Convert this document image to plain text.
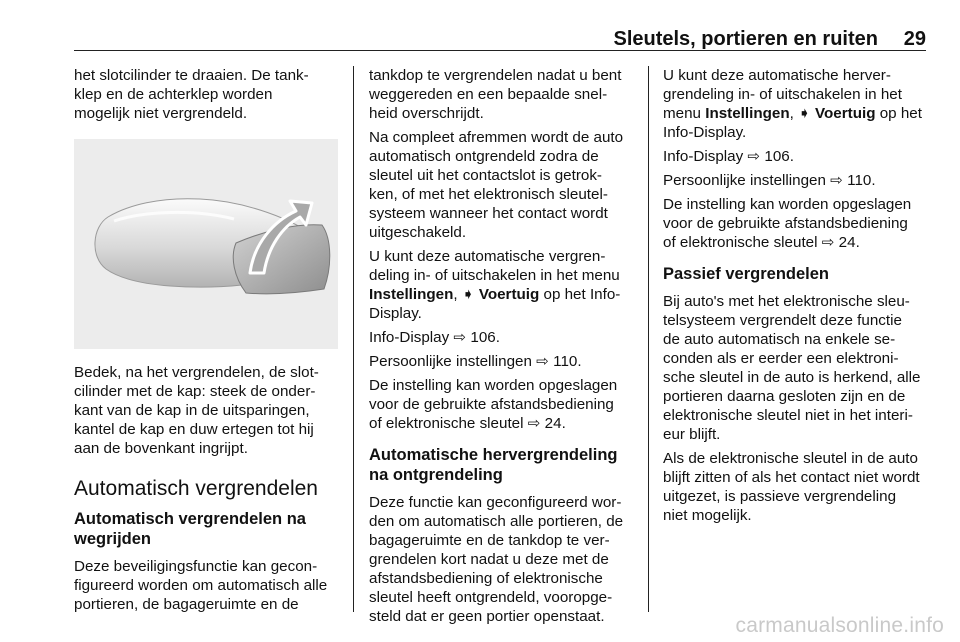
Sleutels, portieren en ruiten 29

het slotcilinder te draaien. De tank-
klep en de achterklep worden
mogelijk niet vergrendeld.

Bedek, na het vergrendelen, de slot-
cilinder met de kap: steek de onder-
kant van de kap in de uitsparingen,
kantel de kap en duw ertegen tot hij
aan de bovenkant ingrijpt.

Automatisch vergrendelen
Automatisch vergrendelen na
wegrijden

Deze beveiligingsfunctie kan gecon-
figureerd worden om automatisch alle
portieren, de bagageruimte en de

tankdop te vergrendelen nadat u bent
weggereden en een bepaalde snel-
heid overschrijdt.

Na compleet afremmen wordt de auto
automatisch ontgrendeld zodra de
sleutel uit het contactslot is getrok-
ken, of met het elektronisch sleutel-
systeem wanneer het contact wordt
uitgeschakeld.

U kunt deze automatische vergren-
deling in- of uitschakelen in het menu
Instellingen, ➧ Voertuig op het Info-
Display.

Info-Display ⇨ 106.

Persoonlijke instellingen ⇨ 110.

De instelling kan worden opgeslagen
voor de gebruikte afstandsbediening
of elektronische sleutel ⇨ 24.

Automatische hervergrendeling
na ontgrendeling

Deze functie kan geconfigureerd wor-
den om automatisch alle portieren, de
bagageruimte en de tankdop te ver-
grendelen kort nadat u deze met de
afstandsbediening of elektronische
sleutel heeft ontgrendeld, vooropge-
steld dat er geen portier openstaat.

U kunt deze automatische herver-
grendeling in- of uitschakelen in het
menu Instellingen, ➧ Voertuig op het
Info-Display.

Info-Display ⇨ 106.

Persoonlijke instellingen ⇨ 110.

De instelling kan worden opgeslagen
voor de gebruikte afstandsbediening
of elektronische sleutel ⇨ 24.

Passief vergrendelen

Bij auto's met het elektronische sleu-
telsysteem vergrendelt deze functie
de auto automatisch na enkele se-
conden als er eerder een elektroni-
sche sleutel in de auto is herkend, alle
portieren daarna gesloten zijn en de
elektronische sleutel niet in het interi-
eur blijft.

Als de elektronische sleutel in de auto
blijft zitten of als het contact niet wordt
uitgezet, is passieve vergrendeling
niet mogelijk.

carmanualsonline.info
